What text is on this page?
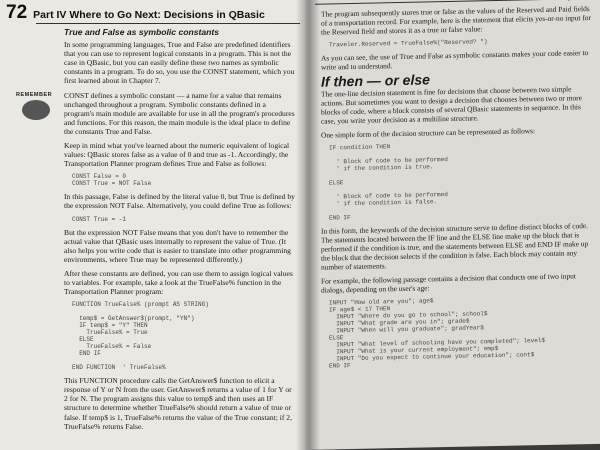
72 Part IV Where to Go Next: Decisions in QBasic
REMEMBER
True and False as symbolic constants

In some programming languages, True and False are predefined identifiers that you can use to represent logical constants in a program. This is not the case in QBasic, but you can easily define these two names as symbolic constants in a program. To do so, you use the CONST statement, which you first learned about in Chapter 7.

CONST defines a symbolic constant — a name for a value that remains unchanged throughout a program. Symbolic constants defined in a program's main module are available for use in all the program's procedures and functions. For this reason, the main module is the ideal place to define the constants True and False.

Keep in mind what you've learned about the numeric equivalent of logical values: QBasic stores false as a value of 0 and true as -1. Accordingly, the Transportation Planner program defines True and False as follows:

CONST False = 0
CONST True = NOT False

In this passage, False is defined by the literal value 0, but True is defined by the expression NOT False. Alternatively, you could define True as follows:

CONST True = -1

But the expression NOT False means that you don't have to remember the actual value that QBasic uses internally to represent the value of True. (It also helps you write code that is easier to translate into other programming environments, where True may be represented differently.)

After these constants are defined, you can use them to assign logical values to variables. For example, take a look at the TrueFalse% function in the Transportation Planner program:

FUNCTION TrueFalse% (prompt AS STRING)

temp$ = GetAnswer$(prompt, "YN")
IF temp$ = "Y" THEN
TrueFalse% = True
ELSE
TrueFalse% = False
END IF

END FUNCTION  ' TrueFalse%

This FUNCTION procedure calls the GetAnswer$ function to elicit a response of Y or N from the user. GetAnswer$ returns a value of 1 for Y or 2 for N. The program assigns this value to temp$ and then uses an IF structure to determine whether TrueFalse% should return a value of true or false. If temp$ is 1, TrueFalse% returns the value of the True constant; if 2, TrueFalse% returns False.

The program subsequently stores true or false as the values of the Reserved and Paid fields of a transportation record. For example, here is the statement that elicits yes-or-no input for the Reserved field and stores it as a true or false value:

Traveler.Reserved = TrueFalse%("Reserved? ")

As you can see, the use of True and False as symbolic constants makes your code easier to write and to understand.

If then — or else

The one-line decision statement is fine for decisions that choose between two simple actions. But sometimes you want to design a decision that chooses between two or more blocks of code, where a block consists of several QBasic statements in sequence. In this case, you write your decision as a multiline structure.

One simple form of the decision structure can be represented as follows:

IF condition THEN

' Block of code to be performed
' if the condition is true.

ELSE

' Block of code to be performed
' if the condition is false.

END IF

In this form, the keywords of the decision structure serve to define distinct blocks of code. The statements located between the IF line and the ELSE line make up the block that is performed if the condition is true, and the statements between ELSE and END IF make up the block that the decision selects if the condition is false. Each block may contain any number of statements.

For example, the following passage contains a decision that conducts one of two input dialogs, depending on the user's age:

INPUT "How old are you"; age$
IF age$ < 17 THEN
INPUT "Where do you go to school"; school$
INPUT "What grade are you in"; grade$
INPUT "When will you graduate"; gradYear$
ELSE
INPUT "What level of schooling have you completed"; level$
INPUT "What is your current employment"; emp$
INPUT "Do you expect to continue your education"; cont$
END IF
